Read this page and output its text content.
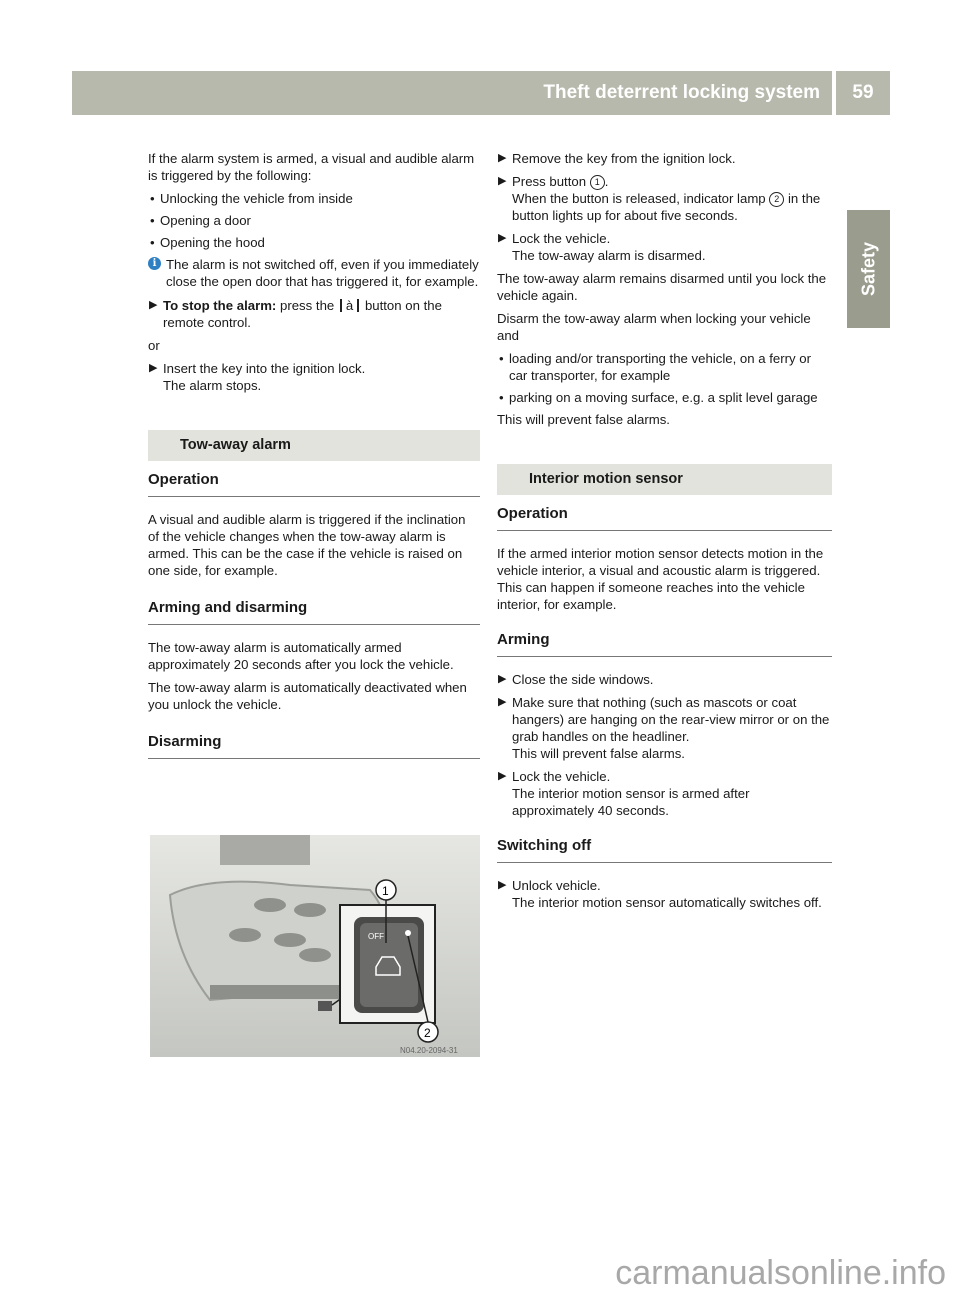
Theft deterrent locking system	59
Safety

If the alarm system is armed, a visual and audible alarm is triggered by the following:

• Unlocking the vehicle from inside
• Opening a door
• Opening the hood
i The alarm is not switched off, even if you immediately close the open door that has triggered it, for example.
▶ To stop the alarm: press the à button on the remote control.

or

▶ Insert the key into the ignition lock.
The alarm stops.
Tow-away alarm
Operation

A visual and audible alarm is triggered if the inclination of the vehicle changes when the tow-away alarm is armed. This can be the case if the vehicle is raised on one side, for example.

Arming and disarming

The tow-away alarm is automatically armed approximately 20 seconds after you lock the vehicle.

The tow-away alarm is automatically deactivated when you unlock the vehicle.

Disarming
OFF
1
2
N04.20-2094-31
▶ Remove the key from the ignition lock.
▶ Press button 1 .
When the button is released, indicator lamp 2 in the button lights up for about five seconds.
▶ Lock the vehicle.
The tow-away alarm is disarmed.

The tow-away alarm remains disarmed until you lock the vehicle again.

Disarm the tow-away alarm when locking your vehicle and

• loading and/or transporting the vehicle, on a ferry or car transporter, for example
• parking on a moving surface, e.g. a split level garage

This will prevent false alarms.

Interior motion sensor
Operation

If the armed interior motion sensor detects motion in the vehicle interior, a visual and acoustic alarm is triggered. This can happen if someone reaches into the vehicle interior, for example.

Arming
▶ Close the side windows.
▶ Make sure that nothing (such as mascots or coat hangers) are hanging on the rear-view mirror or on the grab handles on the headliner.
This will prevent false alarms.
▶ Lock the vehicle.
The interior motion sensor is armed after approximately 40 seconds.
Switching off
▶ Unlock vehicle.
The interior motion sensor automatically switches off.
carmanualsonline.info
